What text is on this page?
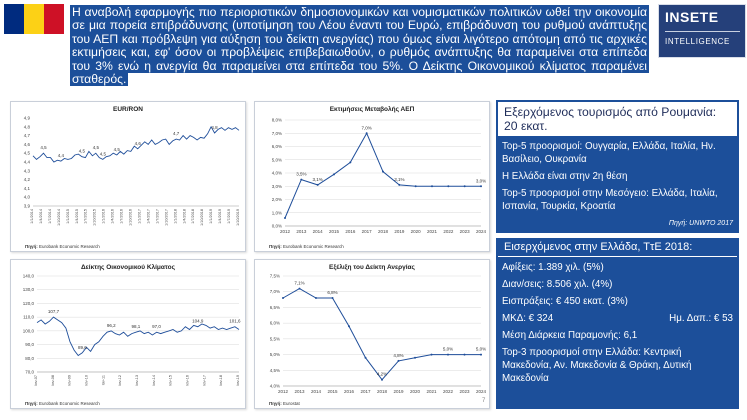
Η αναβολή εφαρμογής πιο περιοριστικών δημοσιονομικών και νομισματικών πολιτικών ωθεί την οικονομία σε μια πορεία επιβράδυνσης (υποτίμηση του Λέου έναντι του Ευρώ, επιβράδυνση του ρυθμού ανάπτυξης του ΑΕΠ και πρόβλεψη για αύξηση του δείκτη ανεργίας) που όμως είναι λιγότερο απότομη από τις αρχικές εκτιμήσεις και, εφ' όσον οι προβλέψεις επιβεβαιωθούν, ο ρυθμός ανάπτυξης θα παραμείνει στα επίπεδα του 3% ενώ η ανεργία θα παραμείνει στα επίπεδα του 5%. Ο Δείκτης Οικονομικού κλίματος παραμένει σταθερός.
INSETE
INTELLIGENCE
3,9
4,0
4,1
4,2
4,3
4,4
4,5
4,6
4,7
4,8
4,9
1/1/2014 1/4/2014 1/7/2014 1/10/2014 1/1/2015 1/4/2015 1/7/2015 1/10/2015 1/1/2016 1/4/2016 1/7/2016 1/10/2016 1/1/2017 1/4/2017 1/7/2017 1/10/2017 1/1/2018 1/4/2018 1/7/2018 1/10/2018 1/1/2019 1/4/2019 1/7/2019 1/10/2019
4,5
4,4
4,5
4,5
4,5
4,5
4,6
4,7
4,8
EUR/RON
Πηγή: Eurobank Economic Research
0,0%
1,0%
2,0%
3,0%
4,0%
5,0%
6,0%
7,0%
8,0%
2012 2013 2014 2015 2016 2017 2018 2019 2020 2021 2022 2023 2024
3,5%
3,1%
7,0%
3,1%	3,0%
Εκτιμήσεις Μεταβολής ΑΕΠ
Πηγή: Eurobank Economic Research
70,0
80,0
90,0
100,0
110,0
120,0
130,0
140,0
Ιαν-07	Ιαν-08	Ιαν-09	Ιαν-10	Ιαν-11	Ιαν-12	Ιαν-13	Ιαν-14	Ιαν-15	Ιαν-16	Ιαν-17	Ιαν-18	Ιαν-19
107,7
89,6
96,2	98,1	97,0
104,9	101,6
Δείκτης Οικονομικού Κλίματος
Πηγή: Eurobank Economic Research
4,0%
4,5%
5,0%
5,5%
6,0%
6,5%
7,0%
7,5%
2012 2013 2014 2015 2016 2017 2018 2019 2020 2021 2022 2023 2024
7,1%
6,8%
4,2%
4,8%
5,0%	5,0%
Εξέλιξη του Δείκτη Ανεργίας
Πηγή: Eurostat
Εξερχόμενος τουρισμός από Ρουμανία: 20 εκατ.
Top-5 προορισμοί: Ουγγαρία, Ελλάδα, Ιταλία, Ην. Βασίλειο, Ουκρανία
Η Ελλάδα είναι στην 2η θέση
Top-5 προορισμοί στην Μεσόγειο: Ελλάδα, Ιταλία, Ισπανία, Τουρκία, Κροατία
Πηγή: UNWTO 2017
Εισερχόμενος στην Ελλάδα, ΤτΕ 2018:
Αφίξεις: 1.389 χιλ. (5%)
Διαν/σεις: 8.506 χιλ. (4%)
Εισπράξεις: € 450 εκατ. (3%)
ΜΚΔ: € 324	Ημ. Δαπ.: € 53
Μέση Διάρκεια Παραμονής: 6,1
Top-3 προορισμοί στην Ελλάδα: Κεντρική Μακεδονία, Αν. Μακεδονία & Θράκη, Δυτική Μακεδονία
7
